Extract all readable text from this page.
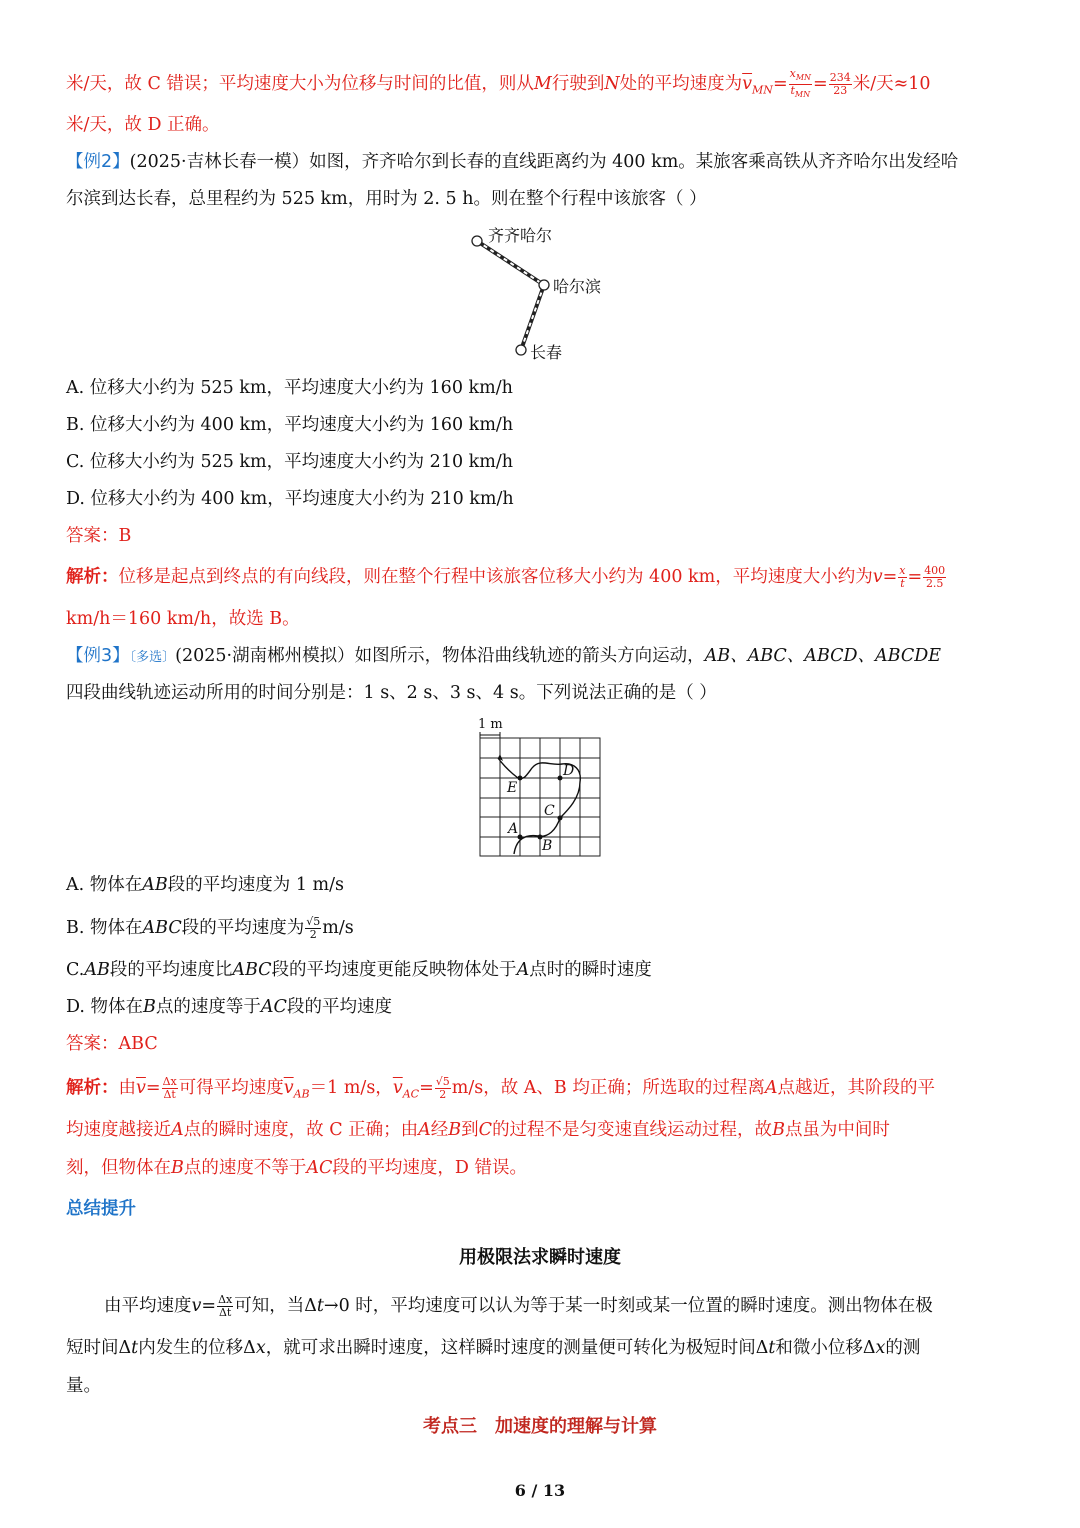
米/天，故 C 错误；平均速度大小为位移与时间的比值，则从M行驶到N处的平均速度为$\overline{v}_{MN}= \frac{x_{MN}}{t_{MN}} = \frac{234}{23}$ 米/天≈10
米/天，故 D 正确。
【例2】(2025·吉林长春一模）如图，齐齐哈尔到长春的直线距离约为 400 km。某旅客乘高铁从齐齐哈尔出发经哈
尔滨到达长春，总里程约为 525 km，用时为 2. 5 h。则在整个行程中该旅客（ ）
齐齐哈尔
哈尔滨
长春
A. 位移大小约为 525 km，平均速度大小约为 160 km/h
B. 位移大小约为 400 km，平均速度大小约为 160 km/h
C. 位移大小约为 525 km，平均速度大小约为 210 km/h
D. 位移大小约为 400 km，平均速度大小约为 210 km/h
答案：B
解析：位移是起点到终点的有向线段，则在整个行程中该旅客位移大小约为 400 km，平均速度大小约为$v= \frac{x}{t} = \frac{400}{2.5}$
km/h＝160 km/h，故选 B。
【例3】〔多选〕(2025·湖南郴州模拟）如图所示，物体沿曲线轨迹的箭头方向运动，AB、ABC、ABCD、ABCDE
四段曲线轨迹运动所用的时间分别是：1 s、2 s、3 s、4 s。下列说法正确的是（ ）
1 m
A
B
C
D
E
A. 物体在AB段的平均速度为 1 m/s
B. 物体在ABC段的平均速度为 $\frac{√5}{2} m/s$
C.AB段的平均速度比ABC段的平均速度更能反映物体处于A点时的瞬时速度
D. 物体在B点的速度等于AC段的平均速度
答案：ABC
解析：由$\overline{v}= \frac{\Delta x}{\Delta t}$ 可得平均速度$\overline{v}_{AB}=1$ m/s，$\overline{v}_{AC}= \frac{√5}{2} m/s$，故 A、B 均正确；所选取的过程离A点越近，其阶段的平
均速度越接近A点的瞬时速度，故 C 正确；由A经B到C的过程不是匀变速直线运动过程，故B点虽为中间时
刻，但物体在B点的速度不等于AC段的平均速度，D 错误。
总结提升
用极限法求瞬时速度
由平均速度$v= \frac{\Delta x}{\Delta t}$ 可知，当Δt→0 时，平均速度可以认为等于某一时刻或某一位置的瞬时速度。测出物体在极
短时间Δt内发生的位移Δx，就可求出瞬时速度，这样瞬时速度的测量便可转化为极短时间Δt和微小位移Δx的测
量。
考点三　加速度的理解与计算
6 / 13
